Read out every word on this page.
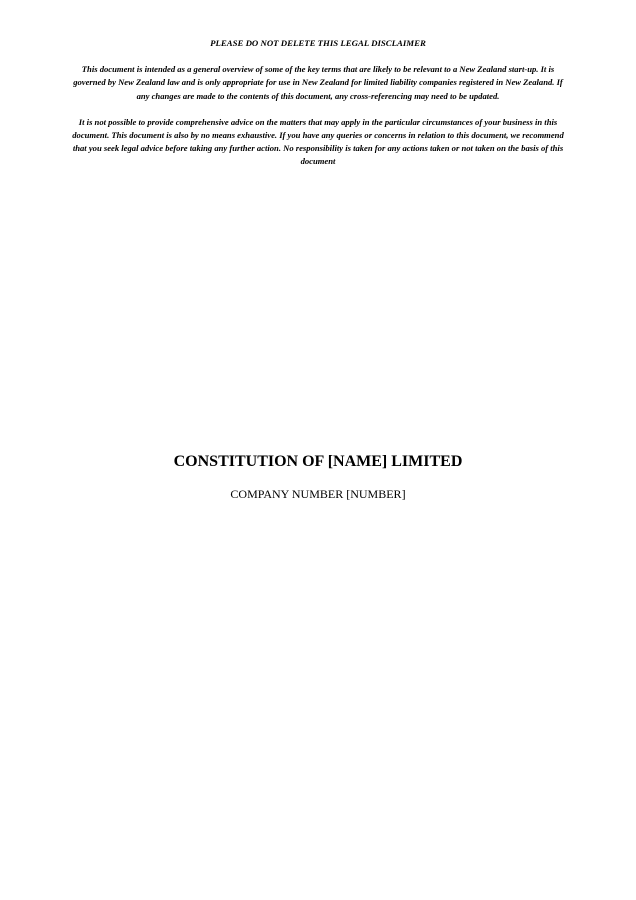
PLEASE DO NOT DELETE THIS LEGAL DISCLAIMER

This document is intended as a general overview of some of the key terms that are likely to be relevant to a New Zealand start-up. It is governed by New Zealand law and is only appropriate for use in New Zealand for limited liability companies registered in New Zealand. If any changes are made to the contents of this document, any cross-referencing may need to be updated.

It is not possible to provide comprehensive advice on the matters that may apply in the particular circumstances of your business in this document. This document is also by no means exhaustive. If you have any queries or concerns in relation to this document, we recommend that you seek legal advice before taking any further action. No responsibility is taken for any actions taken or not taken on the basis of this document

CONSTITUTION OF [NAME] LIMITED
COMPANY NUMBER [NUMBER]
